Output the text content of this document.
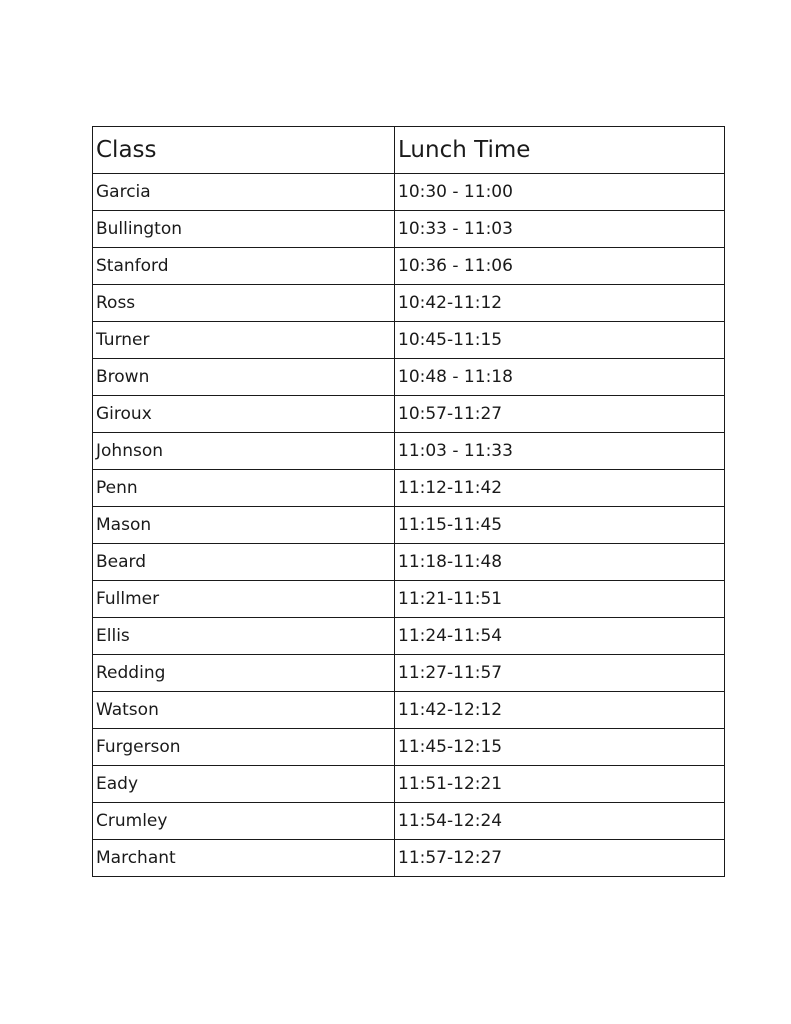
Class	Lunch Time
Garcia	10:30 - 11:00
Bullington	10:33 - 11:03
Stanford	10:36 - 11:06
Ross	10:42-11:12
Turner	10:45-11:15
Brown	10:48 - 11:18
Giroux	10:57-11:27
Johnson	11:03 - 11:33
Penn	11:12-11:42
Mason	11:15-11:45
Beard	11:18-11:48
Fullmer	11:21-11:51
Ellis	11:24-11:54
Redding	11:27-11:57
Watson	11:42-12:12
Furgerson	11:45-12:15
Eady	11:51-12:21
Crumley	11:54-12:24
Marchant	11:57-12:27
